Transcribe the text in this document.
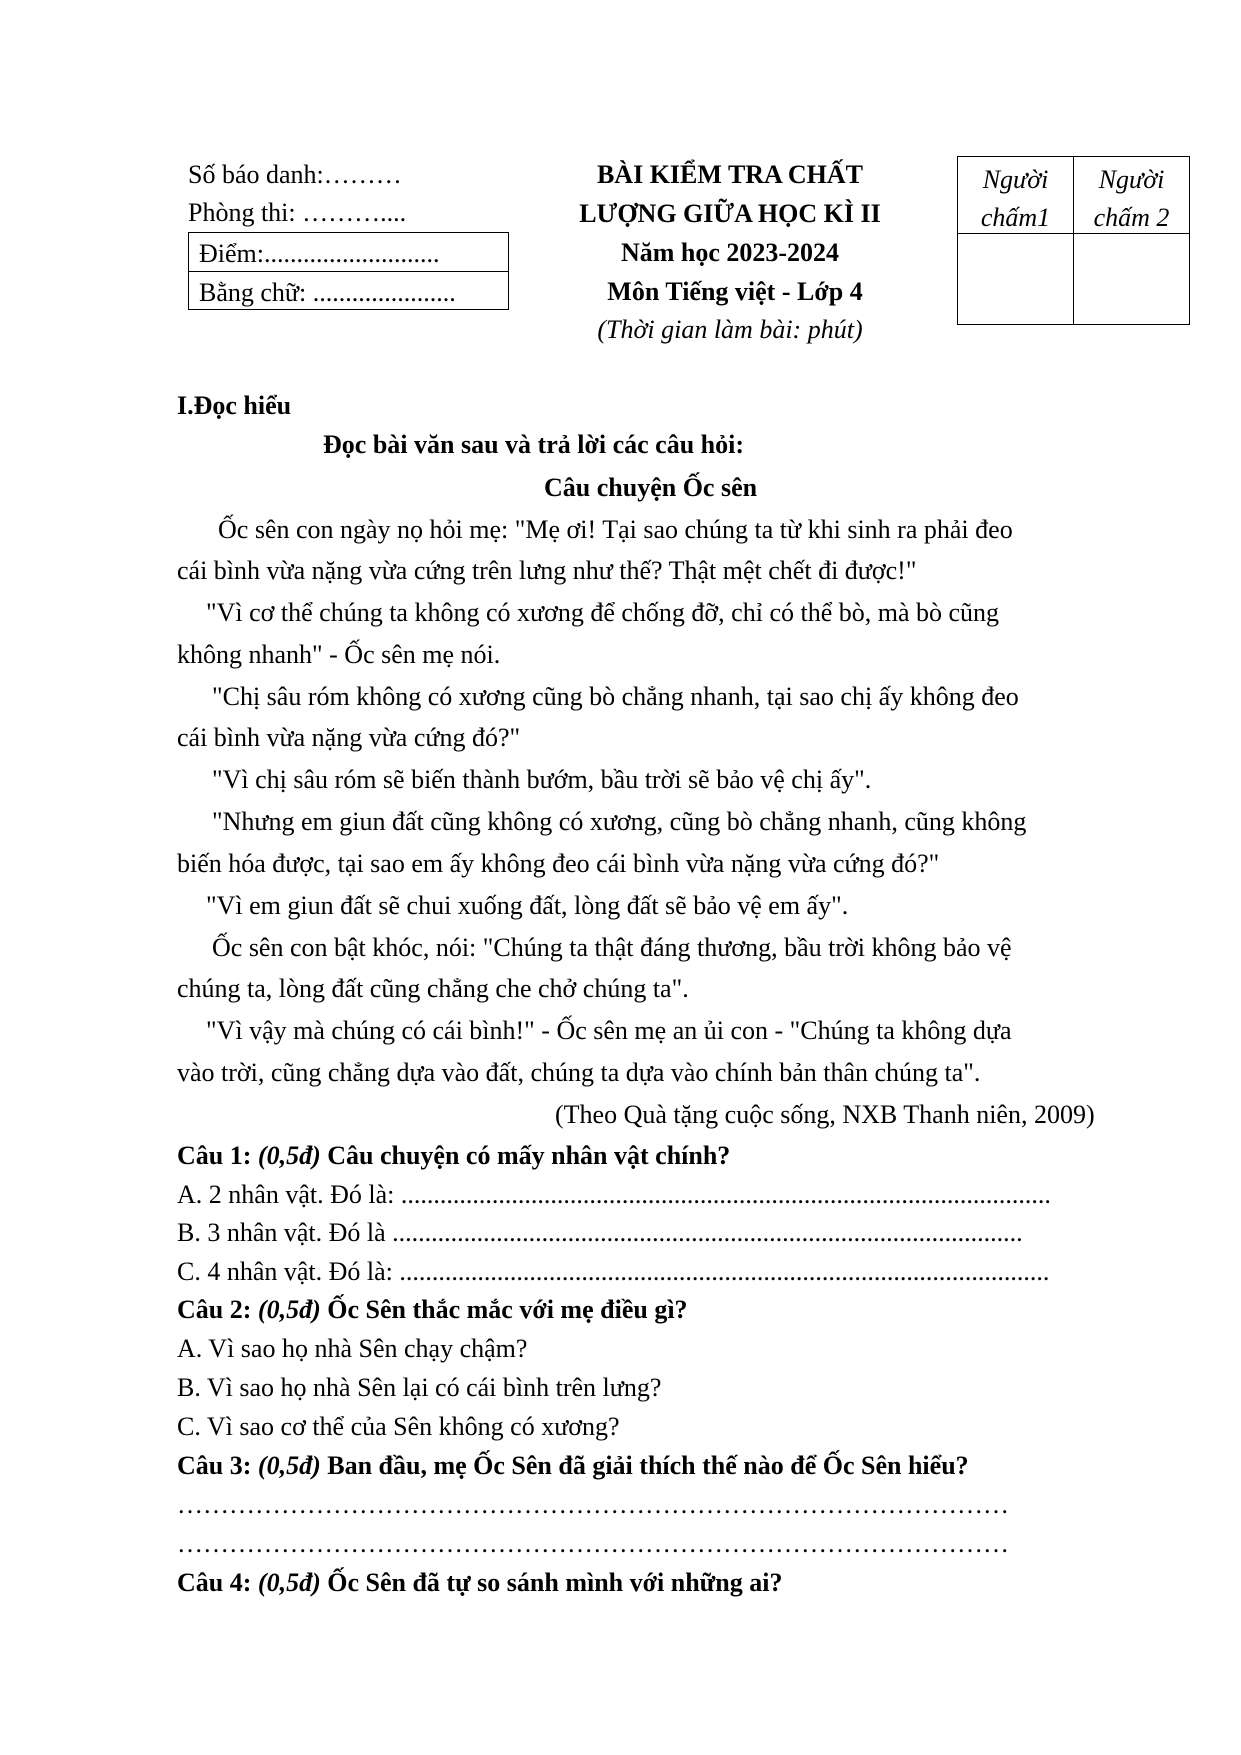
Số báo danh:………
Phòng thi: ………....
Điểm:...........................
Bằng chữ: ......................
BÀI KIỂM TRA CHẤT
LƯỢNG GIỮA HỌC KÌ II
Năm học 2023-2024
Môn Tiếng việt - Lớp 4
(Thời gian làm bài: phút)
Người
chấm1
Người
chấm 2
I.Đọc hiểu
Đọc bài văn sau và trả lời các câu hỏi:
Câu chuyện Ốc sên
Ốc sên con ngày nọ hỏi mẹ: "Mẹ ơi! Tại sao chúng ta từ khi sinh ra phải đeo
cái bình vừa nặng vừa cứng trên lưng như thế? Thật mệt chết đi được!"
"Vì cơ thể chúng ta không có xương để chống đỡ, chỉ có thể bò, mà bò cũng
không nhanh" - Ốc sên mẹ nói.
"Chị sâu róm không có xương cũng bò chẳng nhanh, tại sao chị ấy không đeo
cái bình vừa nặng vừa cứng đó?"
"Vì chị sâu róm sẽ biến thành bướm, bầu trời sẽ bảo vệ chị ấy".
"Nhưng em giun đất cũng không có xương, cũng bò chẳng nhanh, cũng không
biến hóa được, tại sao em ấy không đeo cái bình vừa nặng vừa cứng đó?"
"Vì em giun đất sẽ chui xuống đất, lòng đất sẽ bảo vệ em ấy".
Ốc sên con bật khóc, nói: "Chúng ta thật đáng thương, bầu trời không bảo vệ
chúng ta, lòng đất cũng chẳng che chở chúng ta".
"Vì vậy mà chúng có cái bình!" - Ốc sên mẹ an ủi con - "Chúng ta không dựa
vào trời, cũng chẳng dựa vào đất, chúng ta dựa vào chính bản thân chúng ta".
(Theo Quà tặng cuộc sống, NXB Thanh niên, 2009)
Câu 1: (0,5đ) Câu chuyện có mấy nhân vật chính?
A. 2 nhân vật. Đó là: ....................................................................................................
B. 3 nhân vật. Đó là .................................................................................................
C. 4 nhân vật. Đó là: ....................................................................................................
Câu 2: (0,5đ) Ốc Sên thắc mắc với mẹ điều gì?
A. Vì sao họ nhà Sên chạy chậm?
B. Vì sao họ nhà Sên lại có cái bình trên lưng?
C. Vì sao cơ thể của Sên không có xương?
Câu 3: (0,5đ) Ban đầu, mẹ Ốc Sên đã giải thích thế nào để Ốc Sên hiểu?
……………………………………………………………………………………
……………………………………………………………………………………
Câu 4: (0,5đ) Ốc Sên đã tự so sánh mình với những ai?
